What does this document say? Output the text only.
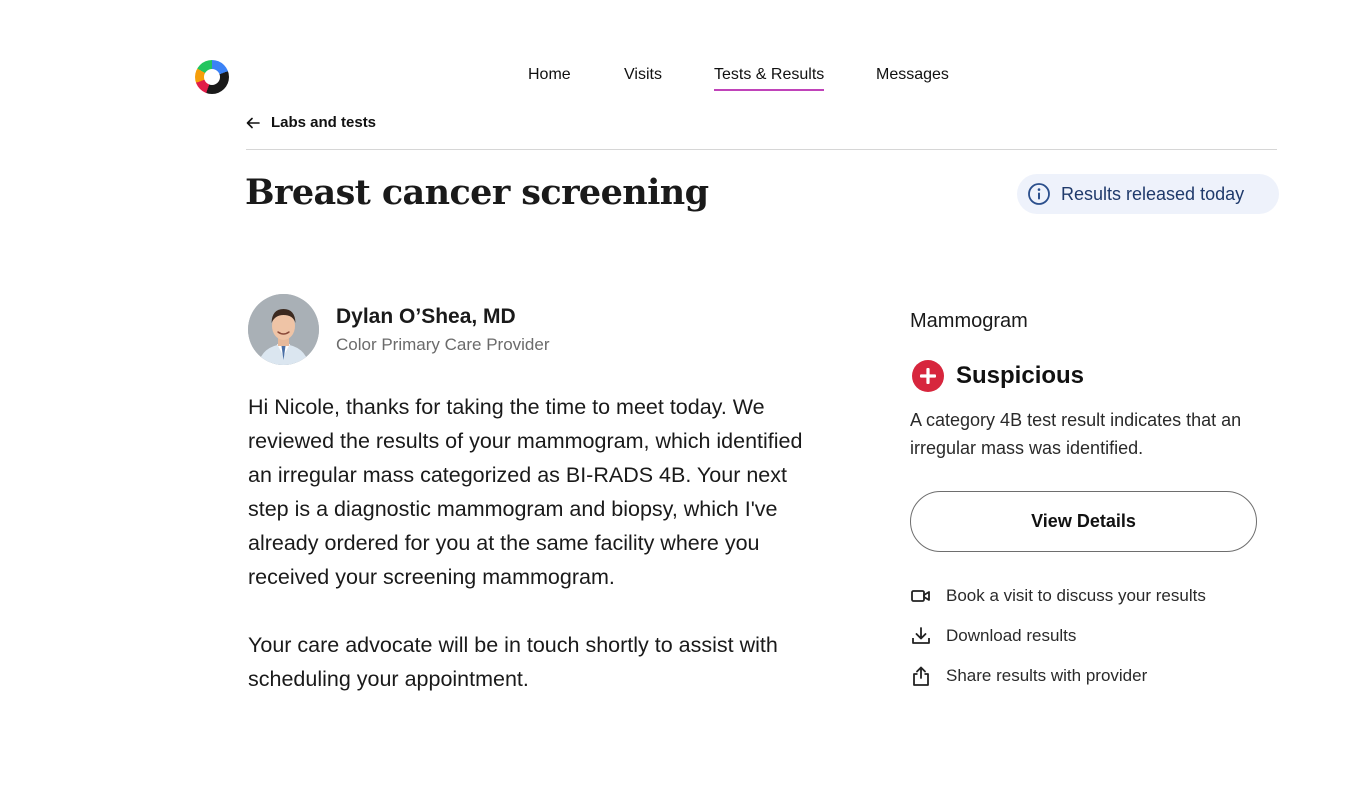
Home	Visits	Tests & Results	Messages
Labs and tests
Breast cancer screening	Results released today
Dylan O’Shea, MD
Color Primary Care Provider

Hi Nicole, thanks for taking the time to meet today. We reviewed the results of your mammogram, which identified an irregular mass categorized as BI-RADS 4B. Your next step is a diagnostic mammogram and biopsy, which I've already ordered for you at the same facility where you received your screening mammogram.

Your care advocate will be in touch shortly to assist with scheduling your appointment.

Mammogram
Suspicious
A category 4B test result indicates that an irregular mass was identified.
View Details
Book a visit to discuss your results
Download results
Share results with provider
